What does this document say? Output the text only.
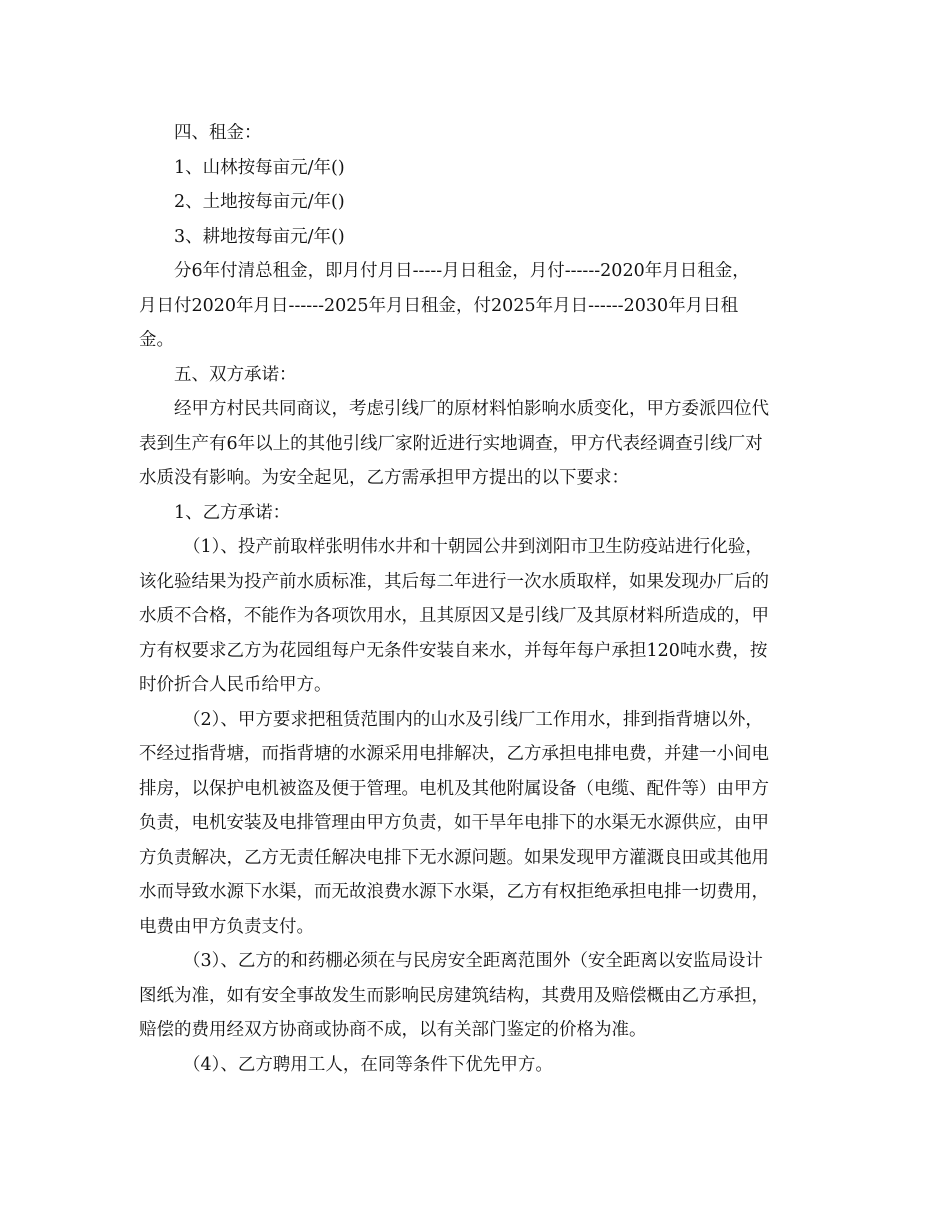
四、租金：

1、山林按每亩元/年()

2、土地按每亩元/年()

3、耕地按每亩元/年()

分6年付清总租金，即月付月日-----月日租金，月付------2020年月日租金，

月日付2020年月日------2025年月日租金，付2025年月日------2030年月日租

金。

五、双方承诺：

经甲方村民共同商议，考虑引线厂的原材料怕影响水质变化，甲方委派四位代

表到生产有6年以上的其他引线厂家附近进行实地调查，甲方代表经调查引线厂对

水质没有影响。为安全起见，乙方需承担甲方提出的以下要求：

1、乙方承诺：

（1）、投产前取样张明伟水井和十朝园公井到浏阳市卫生防疫站进行化验，

该化验结果为投产前水质标准，其后每二年进行一次水质取样，如果发现办厂后的

水质不合格，不能作为各项饮用水，且其原因又是引线厂及其原材料所造成的，甲

方有权要求乙方为花园组每户无条件安装自来水，并每年每户承担120吨水费，按

时价折合人民币给甲方。

（2）、甲方要求把租赁范围内的山水及引线厂工作用水，排到指背塘以外，

不经过指背塘，而指背塘的水源采用电排解决，乙方承担电排电费，并建一小间电

排房，以保护电机被盗及便于管理。电机及其他附属设备（电缆、配件等）由甲方

负责，电机安装及电排管理由甲方负责，如干旱年电排下的水渠无水源供应，由甲

方负责解决，乙方无责任解决电排下无水源问题。如果发现甲方灌溉良田或其他用

水而导致水源下水渠，而无故浪费水源下水渠，乙方有权拒绝承担电排一切费用，

电费由甲方负责支付。

（3）、乙方的和药棚必须在与民房安全距离范围外（安全距离以安监局设计

图纸为准，如有安全事故发生而影响民房建筑结构，其费用及赔偿概由乙方承担，

赔偿的费用经双方协商或协商不成，以有关部门鉴定的价格为准。

（4）、乙方聘用工人，在同等条件下优先甲方。
